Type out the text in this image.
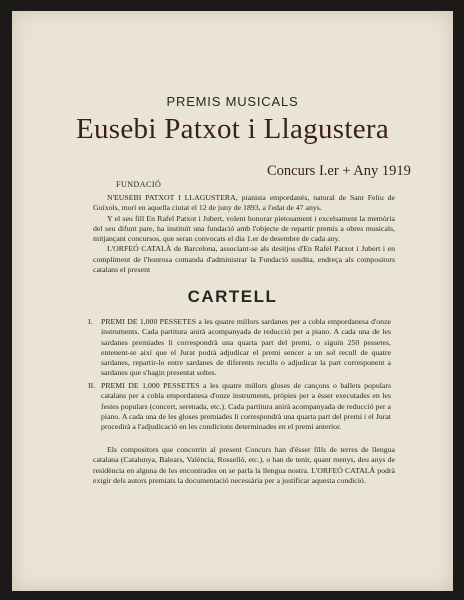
PREMIS MUSICALS
Eusebi Patxot i Llagustera
Concurs I.er + Any 1919
FUNDACIÓ

N'EUSEBI PATXOT I LLAGUSTERA, pianista empordanès, natural de Sant Feliu de Guíxols, morí en aquella ciutat el 12 de juny de 1893, a l'edat de 47 anys.

Y el seu fill En Rafel Patxot i Jubert, volent honorar pietosament i excelsament la memòria del seu difunt pare, ha instituït una fundació amb l'objecte de repartir premis a obres musicals, mitjançant concursos, que seran convocats el dia 1.er de desembre de cada any.

L'ORFEÓ CATALÀ de Barcelona, associant-se als desitjos d'En Rafel Patxot i Jubert i en compliment de l'honrosa comanda d'administrar la Fundació susdita, endreça als compositors catalans el present

CARTELL
I.	PREMI DE 1,000 PESSETES a les quatre millors sardanes per a cobla empordanesa d'onze instruments. Cada partitura anirà acompanyada de reducció per a piano. A cada una de les sardanes premiades li correspondrà una quarta part del premi, o siguin 250 pessetes, entenent-se així que el Jurat podrà adjudicar el premi sencer a un sol recull de quatre sardanes, repartir-lo entre sardanes de diferents reculls o adjudicar la part corresponent a sardanes que s'hagin presentat soltes.
II. PREMI DE 1,000 PESSETES a les quatre millors gloses de cançons o ballets populars catalans per a cobla empordanesa d'onze instruments, pròpies per a ésser executades en les festes populars (concert, serenada, etc.). Cada partitura anirà acompanyada de reducció per a piano. A cada una de les gloses premiades li correspondrà una quarta part del premi i el Jurat procedirà a l'adjudicació en les condicions determinades en el premi anterior.

Els compositors que concorrin al present Concurs han d'ésser fills de terres de llengua catalana (Catalunya, Balears, València, Rosselló, etc.), o han de tenir, quant menys, deu anys de residència en alguna de les encontrades on se parla la llengua nostra. L'ORFEÓ CATALÀ podrà exigir dels autors premiats la documentació necessària per a justificar aquesta condició.
